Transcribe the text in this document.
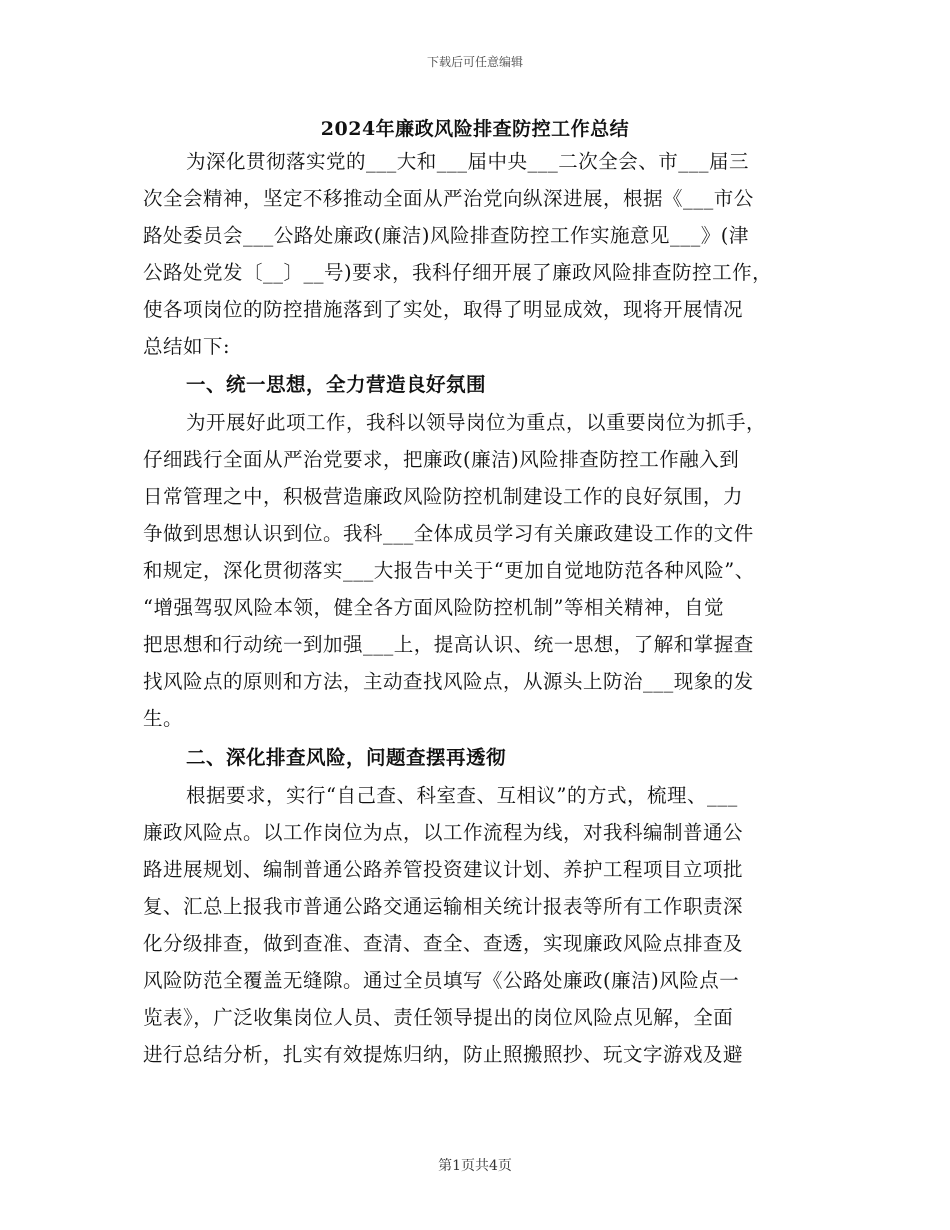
下载后可任意编辑
2024年廉政风险排查防控工作总结
为深化贯彻落实党的___大和___届中央___二次全会、市___届三
次全会精神，坚定不移推动全面从严治党向纵深进展，根据《___市公
路处委员会___公路处廉政(廉洁)风险排查防控工作实施意见___》(津
公路处党发〔__〕__号)要求，我科仔细开展了廉政风险排查防控工作，
使各项岗位的防控措施落到了实处，取得了明显成效，现将开展情况
总结如下:
一、统一思想，全力营造良好氛围
为开展好此项工作，我科以领导岗位为重点，以重要岗位为抓手，
仔细践行全面从严治党要求，把廉政(廉洁)风险排查防控工作融入到
日常管理之中，积极营造廉政风险防控机制建设工作的良好氛围，力
争做到思想认识到位。我科___全体成员学习有关廉政建设工作的文件
和规定，深化贯彻落实___大报告中关于“更加自觉地防范各种风险”、
“增强驾驭风险本领，健全各方面风险防控机制”等相关精神，自觉
把思想和行动统一到加强___上，提高认识、统一思想，了解和掌握查
找风险点的原则和方法，主动查找风险点，从源头上防治___现象的发
生。
二、深化排查风险，问题查摆再透彻
根据要求，实行“自己查、科室查、互相议”的方式，梳理、___
廉政风险点。以工作岗位为点，以工作流程为线，对我科编制普通公
路进展规划、编制普通公路养管投资建议计划、养护工程项目立项批
复、汇总上报我市普通公路交通运输相关统计报表等所有工作职责深
化分级排查，做到查准、查清、查全、查透，实现廉政风险点排查及
风险防范全覆盖无缝隙。通过全员填写《公路处廉政(廉洁)风险点一
览表》，广泛收集岗位人员、责任领导提出的岗位风险点见解，全面
进行总结分析，扎实有效提炼归纳，防止照搬照抄、玩文字游戏及避
第1页共4页
